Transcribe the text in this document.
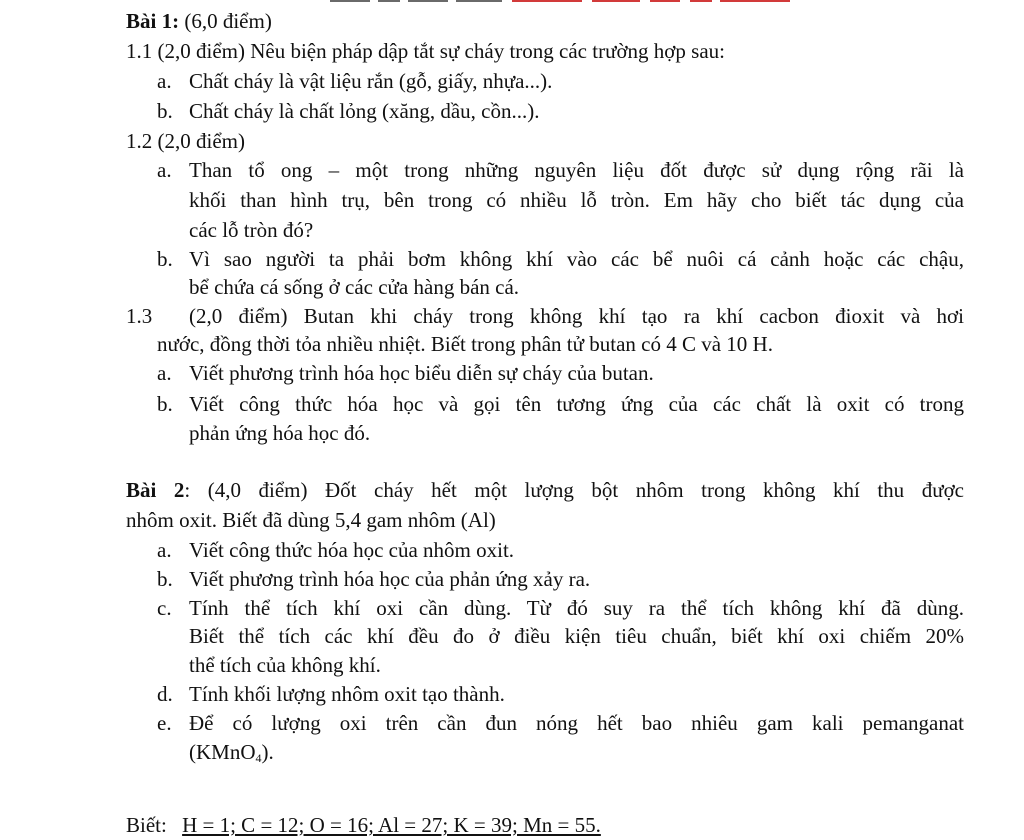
Bài 1: (6,0 điểm)
1.1 (2,0 điểm) Nêu biện pháp dập tắt sự cháy trong các trường hợp sau:
a. Chất cháy là vật liệu rắn (gỗ, giấy, nhựa...).
b. Chất cháy là chất lỏng (xăng, dầu, cồn...).
1.2 (2,0 điểm)
a. Than tổ ong – một trong những nguyên liệu đốt được sử dụng rộng rãi là
khối than hình trụ, bên trong có nhiều lỗ tròn. Em hãy cho biết tác dụng của
các lỗ tròn đó?
b. Vì sao người ta phải bơm không khí vào các bể nuôi cá cảnh hoặc các chậu,
bể chứa cá sống ở các cửa hàng bán cá.
1.3 (2,0 điểm) Butan khi cháy trong không khí tạo ra khí cacbon đioxit và hơi
nước, đồng thời tỏa nhiều nhiệt. Biết trong phân tử butan có 4 C và 10 H.
a. Viết phương trình hóa học biểu diễn sự cháy của butan.
b. Viết công thức hóa học và gọi tên tương ứng của các chất là oxit có trong
phản ứng hóa học đó.
Bài 2: (4,0 điểm) Đốt cháy hết một lượng bột nhôm trong không khí thu được
nhôm oxit. Biết đã dùng 5,4 gam nhôm (Al)
a. Viết công thức hóa học của nhôm oxit.
b. Viết phương trình hóa học của phản ứng xảy ra.
c. Tính thể tích khí oxi cần dùng. Từ đó suy ra thể tích không khí đã dùng.
Biết thể tích các khí đều đo ở điều kiện tiêu chuẩn, biết khí oxi chiếm 20%
thể tích của không khí.
d. Tính khối lượng nhôm oxit tạo thành.
e. Để có lượng oxi trên cần đun nóng hết bao nhiêu gam kali pemanganat
(KMnO$_4$).
Biết: H = 1; C = 12; O = 16; Al = 27; K = 39; Mn = 55.
